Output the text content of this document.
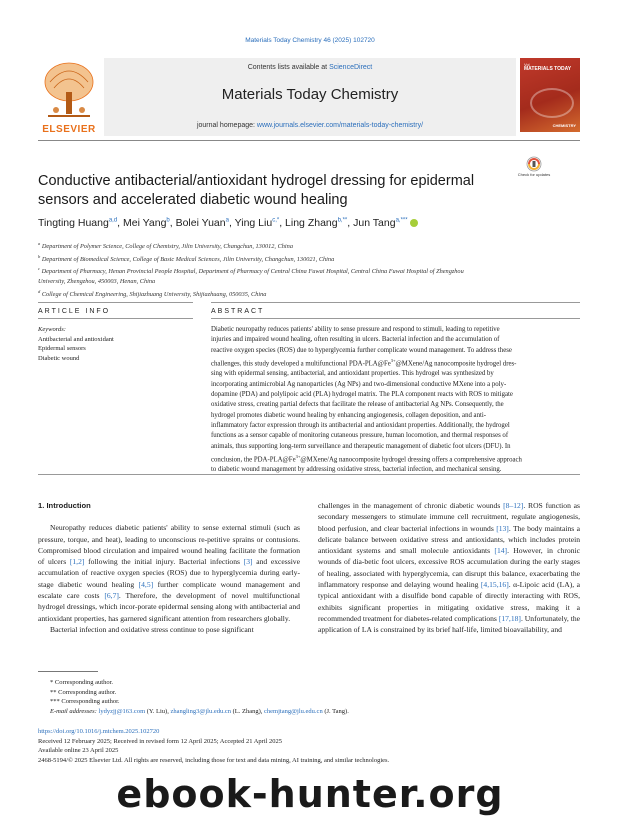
Materials Today Chemistry 46 (2025) 102720
ELSEVIER
Contents lists available at ScienceDirect
Materials Today Chemistry
journal homepage: www.journals.elsevier.com/materials-today-chemistry/
Vol
MATERIALS TODAY
CHEMISTRY
Conductive antibacterial/antioxidant hydrogel dressing for epidermal
sensors and accelerated diabetic wound healing
Check for updates
Tingting Huang$^{a,d}$, Mei Yang$^b$, Bolei Yuan$^a$, Ying Liu$^{c,*}$, Ling Zhang$^{b,**}$, Jun Tang$^{a,***}$
$^a$ Department of Polymer Science, College of Chemistry, Jilin University, Changchun, 130012, China
$^b$ Department of Biomedical Science, College of Basic Medical Sciences, Jilin University, Changchun, 130021, China
$^c$ Department of Pharmacy, Henan Provincial People Hospital, Department of Pharmacy of Central China Fuwai Hospital, Central China Fuwai Hospital of Zhengzhou
University, Zhengzhou, 450003, Henan, China
$^d$ College of Chemical Engineering, Shijiazhuang University, Shijiazhuang, 050035, China
ARTICLE INFO
Keywords:
Antibacterial and antioxidant
Epidermal sensors
Diabetic wound
ABSTRACT
Diabetic neuropathy reduces patients' ability to sense pressure and respond to stimuli, leading to repetitive
injuries and impaired wound healing, often resulting in ulcers. Bacterial infection and the accumulation of
reactive oxygen species (ROS) due to hyperglycemia further complicate wound management. To address these
challenges, this study developed a multifunctional PDA-$PLA@Fe^{3+}@MXene/Ag$ nanocomposite hydrogel dres-
sing with epidermal sensing, antibacterial, and antioxidant properties. This hydrogel was synthesized by
incorporating antimicrobial Ag nanoparticles (Ag NPs) and two-dimensional conductive MXene into a poly-
dopamine (PDA) and polylipoic acid (PLA) hydrogel matrix. The PLA component reacts with ROS to mitigate
oxidative stress, creating partial defects that facilitate the release of antibacterial Ag NPs. Consequently, the
hydrogel promotes diabetic wound healing by enhancing angiogenesis, collagen deposition, and anti-
inflammatory factor expression through its antibacterial and antioxidant properties. Additionally, the hydrogel
functions as a sensor capable of monitoring cutaneous pressure, human locomotion, and thermal responses of
animals, thus supporting long-term surveillance and therapeutic management of diabetic foot ulcers (DFU). In
conclusion, the PDA-$PLA@Fe^{3+}@MXene/Ag$ nanocomposite hydrogel dressing offers a comprehensive approach
to diabetic wound management by addressing oxidative stress, bacterial infection, and mechanical sensing.

1. Introduction

Neuropathy reduces diabetic patients' ability to sense external stimuli (such as pressure, torque, and heat), leading to unconscious re-petitive sprains or contusions. Compromised blood circulation and impaired wound healing facilitate the formation of ulcers [1,2] following the initial injury. Bacterial infections [3] and excessive accumulation of reactive oxygen species (ROS) due to hyperglycemia during early-stage diabetic wound healing [4,5] further complicate wound management and escalate care costs [6,7]. Therefore, the development of novel multifunctional hydrogel dressings, which incor-porate epidermal sensing along with antibacterial and antioxidant properties, has garnered significant attention from researchers globally.

Bacterial infection and oxidative stress continue to pose significant

challenges in the management of chronic diabetic wounds [8–12]. ROS function as secondary messengers to stimulate immune cell recruitment, regulate angiogenesis, blood perfusion, and clear bacterial infections in wounds [13]. The body maintains a delicate balance between oxidative stress and antioxidants, which includes protein antioxidant systems and small molecule antioxidants [14]. However, in chronic wounds of dia-betic foot ulcers, excessive ROS accumulation during the early stages of healing, associated with hyperglycemia, can disrupt this balance, exacerbating the inflammatory response and delaying wound healing [4,15,16]. α-Lipoic acid (LA), a typical antioxidant with a disulfide bond capable of directly interacting with ROS, exhibits significant properties in mitigating oxidative stress, making it a recommended treatment for diabetes-related complications [17,18]. Unfortunately, the application of LA is constrained by its brief half-life, limited bioavailability, and

* Corresponding author.
** Corresponding author.
*** Corresponding author.
E-mail addresses: lydyzjj@163.com (Y. Liu), zhangling3@jlu.edu.cn (L. Zhang), chemjtang@jlu.edu.cn (J. Tang).
https://doi.org/10.1016/j.mtchem.2025.102720
Received 12 February 2025; Received in revised form 12 April 2025; Accepted 21 April 2025
Available online 23 April 2025
2468-5194/© 2025 Elsevier Ltd. All rights are reserved, including those for text and data mining, AI training, and similar technologies.
ebook-hunter.org
